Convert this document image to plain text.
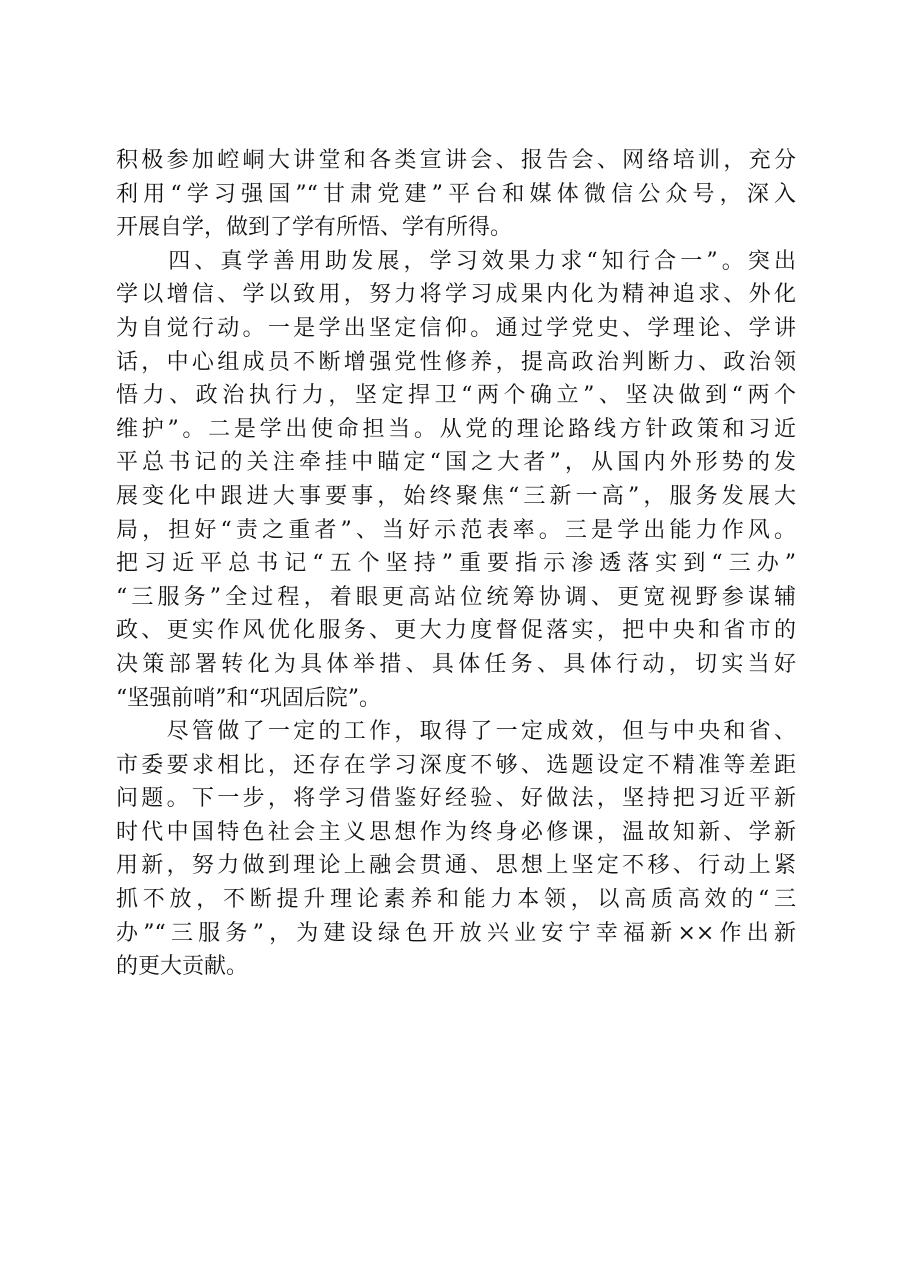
积极参加崆峒大讲堂和各类宣讲会、报告会、网络培训，充分
利用“学习强国”“甘肃党建”平台和媒体微信公众号，深入
开展自学，做到了学有所悟、学有所得。
　　四、真学善用助发展，学习效果力求“知行合一”。突出
学以增信、学以致用，努力将学习成果内化为精神追求、外化
为自觉行动。一是学出坚定信仰。通过学党史、学理论、学讲
话，中心组成员不断增强党性修养，提高政治判断力、政治领
悟力、政治执行力，坚定捍卫“两个确立”、坚决做到“两个
维护”。二是学出使命担当。从党的理论路线方针政策和习近
平总书记的关注牵挂中瞄定“国之大者”，从国内外形势的发
展变化中跟进大事要事，始终聚焦“三新一高”，服务发展大
局，担好“责之重者”、当好示范表率。三是学出能力作风。
把习近平总书记“五个坚持”重要指示渗透落实到“三办”
“三服务”全过程，着眼更高站位统筹协调、更宽视野参谋辅
政、更实作风优化服务、更大力度督促落实，把中央和省市的
决策部署转化为具体举措、具体任务、具体行动，切实当好
“坚强前哨”和“巩固后院”。
　　尽管做了一定的工作，取得了一定成效，但与中央和省、
市委要求相比，还存在学习深度不够、选题设定不精准等差距
问题。下一步，将学习借鉴好经验、好做法，坚持把习近平新
时代中国特色社会主义思想作为终身必修课，温故知新、学新
用新，努力做到理论上融会贯通、思想上坚定不移、行动上紧
抓不放，不断提升理论素养和能力本领，以高质高效的“三
办”“三服务”，为建设绿色开放兴业安宁幸福新××作出新
的更大贡献。
